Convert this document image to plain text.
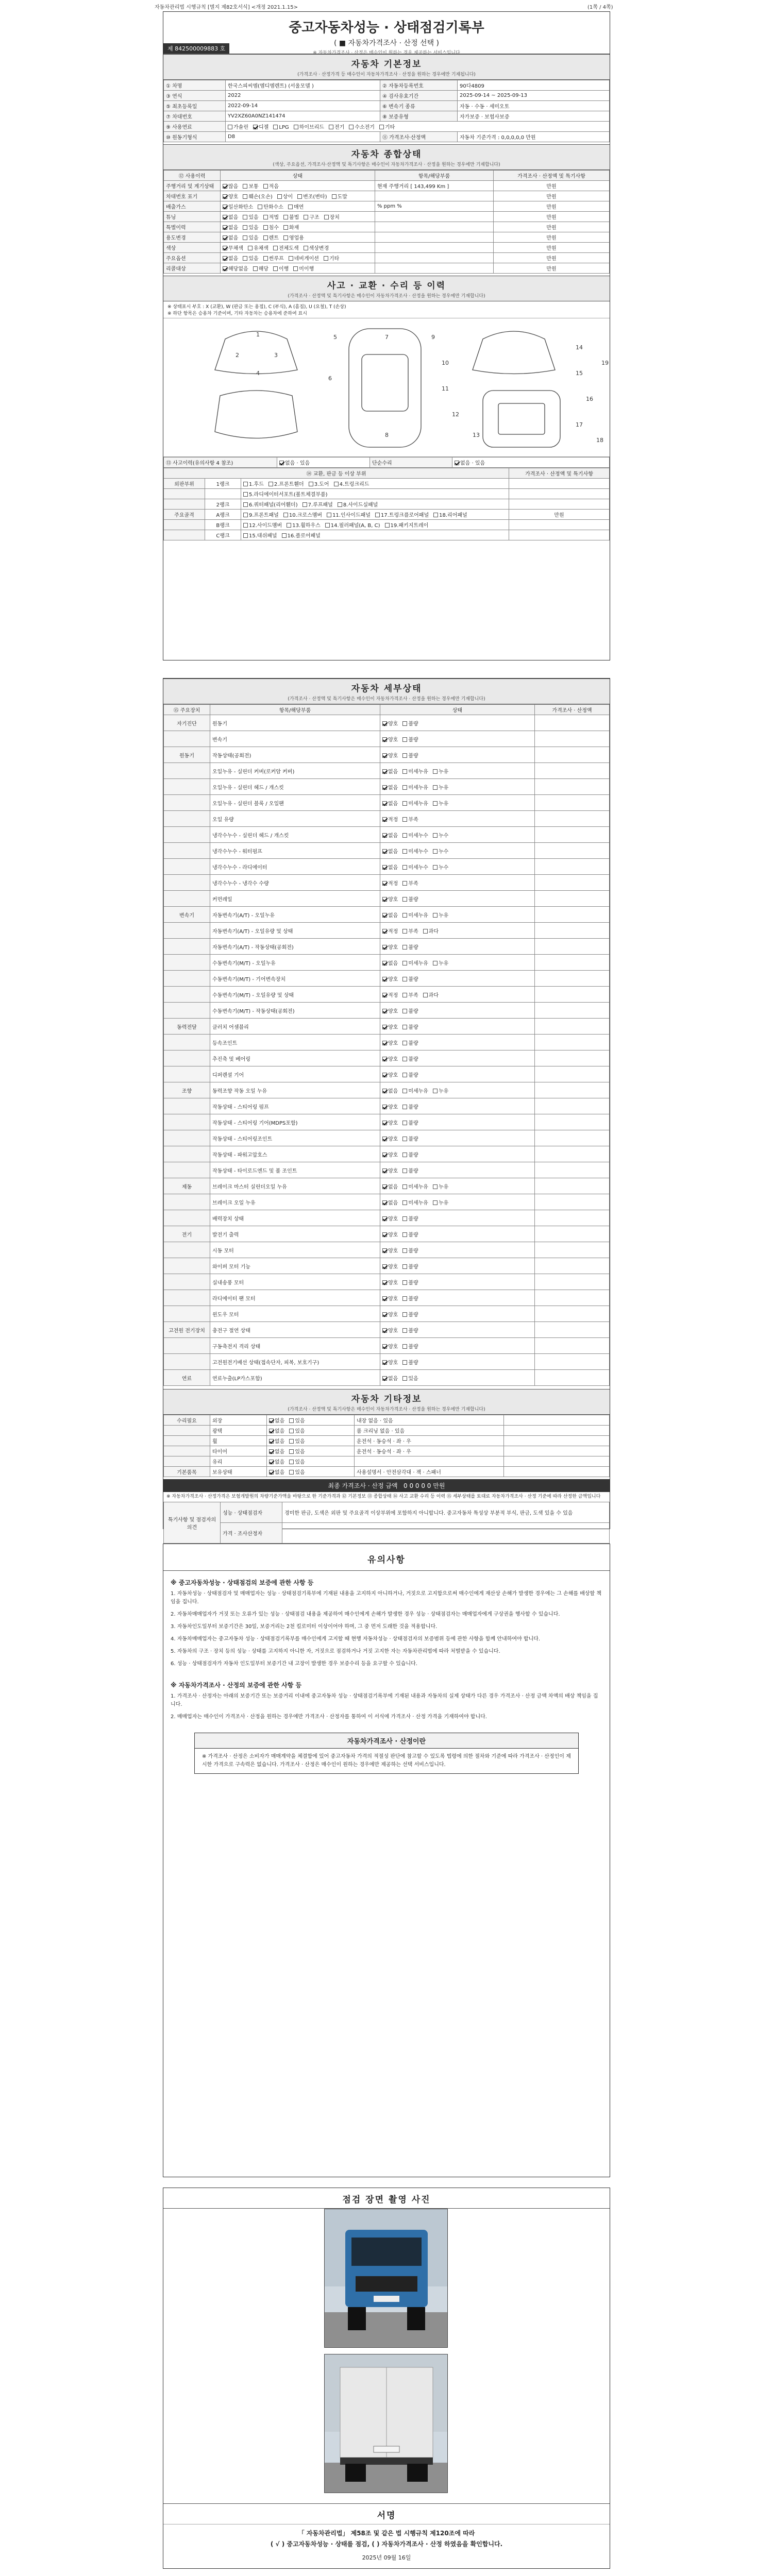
자동차관리법 시행규칙 [별지 제82호서식] <개정 2021.1.15>	(1쪽 / 4쪽)
중고자동차성능 · 상태점검기록부
( ■ 자동차가격조사 · 산정 선택 )
※ 자동차가격조사 · 산정은 매수인이 원하는 경우 제공하는 서비스입니다
제 842500009883 호
자동차 기본정보
(가격조사 · 산정가격 등 매수인이 자동차가격조사 · 산정을 원하는 경우에만 기재됩니다)
① 차명	한국스피씨엠(엠디엠렌트) (서울모델 )	② 자동차등록번호	90다4809
③ 연식	2022	④ 검사유효기간	2025-09-14 ~ 2025-09-13
⑤ 최초등록일	2022-09-14	⑥ 변속기 종류	자동 · 수동 · 세미오토
⑦ 차대번호	YV2XZ60A0NZ141474	⑧ 보증유형	자가보증 · 보험사보증
⑨ 사용연료	가솔린 디젤 LPG 하이브리드 전기 수소전기 기타		
⑩ 원동기형식	D8	⑪ 가격조사·산정액	자동차 기준가격 : 0,0,0,0,0 만원
자동차 종합상태
(색상, 주요옵션, 가격조사·산정액 및 특기사항은 매수인이 자동차가격조사 · 산정을 원하는 경우에만 기재합니다)
⑫ 사용이력	상태	항목/해당부품	가격조사 · 산정액 및 특기사항
주행거리 및 계기상태	많음 보통 적음	현재 주행거리 [ 143,499 Km ]	만원
차대번호 표기	양호 훼손(오손) 상이 변조(변타) 도말		만원
배출가스	일산화탄소 탄화수소 매연	% ppm %	만원
튜닝	없음 있음 적법 불법 구조 장치		만원
특별이력	없음 있음 침수 화재		만원
용도변경	없음 있음 렌트 영업용		만원
색상	무채색 유채색 전체도색 색상변경		만원
주요옵션	없음 있음 썬루프 네비게이션 기타		만원
리콜대상	해당없음 해당 이행 미이행		만원
사고 · 교환 · 수리 등 이력
(가격조사 · 산정액 및 특기사항은 매수인이 자동차가격조사 · 산정을 원하는 경우에만 기재합니다)
※ 상태표시 부호 : X (교환), W (판금 또는 용접), C (부식), A (흠집), U (요철), T (손상)
※ 하단 항목은 승용차 기준이며, 기타 자동차는 승용차에 준하여 표시
1
2	3
4
5
6
7
8
9
10
11
12
13
14
15
16
17
18
19
⑬ 사고이력(유의사항 4 참조)	없음 · 있음	단순수리	없음 · 있음
⑭ 교환, 판금 등 이상 부위			가격조사 · 산정액 및 특기사항
외판부위	1랭크	1.후드 2.프론트휀더 3.도어 4.트렁크리드	
		5.라디에이터서포트(볼트체결부품)	
	2랭크	6.쿼터패널(리어휀더) 7.루프패널 8.사이드실패널	
주요골격	A랭크	9.프론트패널 10.크로스멤버 11.인사이드패널 17.트렁크플로어패널 18.리어패널	만원
	B랭크	12.사이드멤버 13.휠하우스 14.필러패널(A, B, C) 19.패키지트레이	
	C랭크	15.대쉬패널 16.플로어패널	
자동차 세부상태
(가격조사 · 산정액 및 특기사항은 매수인이 자동차가격조사 · 산정을 원하는 경우에만 기재합니다)
⑮ 주요장치	항목/해당부품	상태	가격조사 · 산정액
자기진단	원동기	양호 불량	
	변속기	양호 불량	
원동기	작동상태(공회전)	양호 불량	
	오일누유 - 실린더 커버(로커암 커버)	없음 미세누유 누유	
	오일누유 - 실린더 헤드 / 개스킷	없음 미세누유 누유	
	오일누유 - 실린더 블록 / 오일팬	없음 미세누유 누유	
	오일 유량	적정 부족	
	냉각수누수 - 실린더 헤드 / 개스킷	없음 미세누수 누수	
	냉각수누수 - 워터펌프	없음 미세누수 누수	
	냉각수누수 - 라디에이터	없음 미세누수 누수	
	냉각수누수 - 냉각수 수량	적정 부족	
	커먼레일	양호 불량	
변속기	자동변속기(A/T) - 오일누유	없음 미세누유 누유	
	자동변속기(A/T) - 오일유량 및 상태	적정 부족 과다	
	자동변속기(A/T) - 작동상태(공회전)	양호 불량	
	수동변속기(M/T) - 오일누유	없음 미세누유 누유	
	수동변속기(M/T) - 기어변속장치	양호 불량	
	수동변속기(M/T) - 오일유량 및 상태	적정 부족 과다	
	수동변속기(M/T) - 작동상태(공회전)	양호 불량	
동력전달	클러치 어셈블리	양호 불량	
	등속조인트	양호 불량	
	추진축 및 베어링	양호 불량	
	디퍼렌셜 기어	양호 불량	
조향	동력조향 작동 오일 누유	없음 미세누유 누유	
	작동상태 - 스티어링 펌프	양호 불량	
	작동상태 - 스티어링 기어(MDPS포함)	양호 불량	
	작동상태 - 스티어링조인트	양호 불량	
	작동상태 - 파워고압호스	양호 불량	
	작동상태 - 타이로드엔드 및 볼 조인트	양호 불량	
제동	브레이크 마스터 실린더오일 누유	없음 미세누유 누유	
	브레이크 오일 누유	없음 미세누유 누유	
	배력장치 상태	양호 불량	
전기	발전기 출력	양호 불량	
	시동 모터	양호 불량	
	와이퍼 모터 기능	양호 불량	
	실내송풍 모터	양호 불량	
	라디에이터 팬 모터	양호 불량	
	윈도우 모터	양호 불량	
고전원 전기장치	충전구 절연 상태	양호 불량	
	구동축전지 격리 상태	양호 불량	
	고전원전기배선 상태(접속단자, 피복, 보호기구)	양호 불량	
연료	연료누출(LP가스포함)	없음 있음	
자동차 기타정보
(가격조사 · 산정액 및 특기사항은 매수인이 자동차가격조사 · 산정을 원하는 경우에만 기재합니다)
수리필요	외장	없음 있음	내장 없음 · 있음	
	광택	없음 있음	룸 크리닝 없음 · 있음	
	휠	없음 있음	운전석 · 동승석 · 좌 · 우	
	타이어	없음 있음	운전석 · 동승석 · 좌 · 우	
	유리	없음 있음		
기본품목	보유상태	없음 있음	사용설명서 · 안전삼각대 · 잭 · 스패너	
최종 가격조사 · 산정 금액 0 0 0 0 0 만원
※ 자동차가격조사 · 산정가격은 보험개발원의 차량기준가액을 바탕으로 한 기준가격과 ⑫ 기본정보 ⑬ 종합상태 ⑭ 사고 교환 수리 등 이력 ⑮ 세부상태를 토대로 자동차가격조사 · 산정 기준에 따라 산정한 금액입니다
특기사항 및 점검자의 의견	성능 · 상태점검자	경미한 판금, 도색은 외판 및 주요골격 이상부위에 포함하지 아니합니다. 중고자동차 특성상 부분적 부식, 판금, 도색 있을 수 있음
	가격 · 조사산정자	
유의사항
※ 중고자동차성능 · 상태점검의 보증에 관한 사항 등
1. 자동차성능 · 상태점검자 및 매매업자는 성능 · 상태점검기록부에 기재된 내용을 고지하지 아니하거나, 거짓으로 고지함으로써 매수인에게 재산상 손해가 발생한 경우에는 그 손해를 배상할 책임을 집니다.
2. 자동차매매업자가 거짓 또는 오류가 있는 성능 · 상태점검 내용을 제공하여 매수인에게 손해가 발생한 경우 성능 · 상태점검자는 매매업자에게 구상권을 행사할 수 있습니다.
3. 자동차인도일부터 보증기간은 30일, 보증거리는 2천 킬로미터 이상이어야 하며, 그 중 먼저 도래한 것을 적용합니다.
4. 자동차매매업자는 중고자동차 성능 · 상태점검기록부를 매수인에게 고지할 때 현행 자동차성능 · 상태점검자의 보증범위 등에 관한 사항을 함께 안내하여야 합니다.
5. 자동차의 구조 · 장치 등의 성능 · 상태를 고지하지 아니한 자, 거짓으로 점검하거나 거짓 고지한 자는 자동차관리법에 따라 처벌받을 수 있습니다.
6. 성능 · 상태점검자가 자동차 인도일부터 보증기간 내 고장이 발생한 경우 보증수리 등을 요구할 수 있습니다.
※ 자동차가격조사 · 산정의 보증에 관한 사항 등
1. 가격조사 · 산정자는 아래의 보증기간 또는 보증거리 이내에 중고자동차 성능 · 상태점검기록부에 기재된 내용과 자동차의 실제 상태가 다른 경우 가격조사 · 산정 금액 차액의 배상 책임을 집니다.
2. 매매업자는 매수인이 가격조사 · 산정을 원하는 경우에만 가격조사 · 산정자를 통하여 이 서식에 가격조사 · 산정 가격을 기재하여야 합니다.
자동차가격조사 · 산정이란
※ 가격조사 · 산정은 소비자가 매매계약을 체결함에 있어 중고자동차 가격의 적절성 판단에 참고할 수 있도록 법령에 의한 절차와 기준에 따라 가격조사 · 산정인이 제시한 가격으로 구속력은 없습니다. 가격조사 · 산정은 매수인이 원하는 경우에만 제공하는 선택 서비스입니다.
점검 장면 촬영 사진
서명
「 자동차관리법」 제58조 및 같은 법 시행규칙 제120조에 따라
( √ ) 중고자동차성능 · 상태를 점검, ( ) 자동차가격조사 · 산정 하였음을 확인합니다.
2025년 09월 16일
